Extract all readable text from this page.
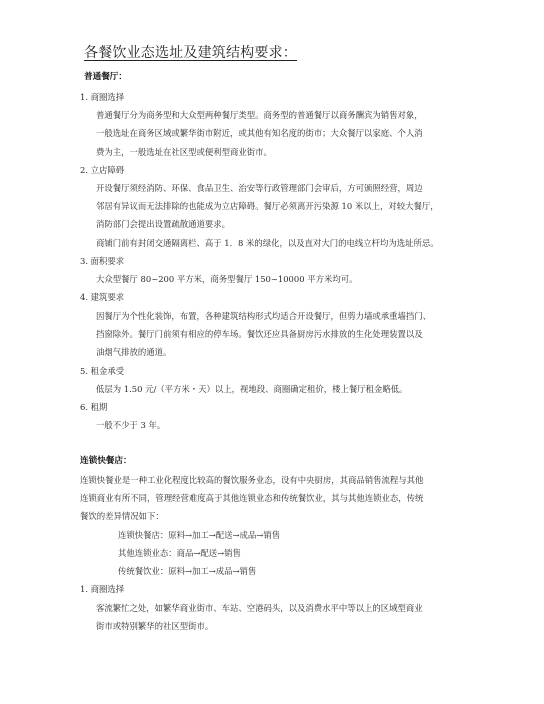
各餐饮业态选址及建筑结构要求：
普通餐厅：
1. 商圈选择
普通餐厅分为商务型和大众型两种餐厅类型。商务型的普通餐厅以商务酬宾为销售对象，
一般选址在商务区域或繁华街市附近，或其他有知名度的街市；大众餐厅以家庭、个人消
费为主，一般选址在社区型或便利型商业街市。
2. 立店障碍
开设餐厅须经消防、环保、食品卫生、治安等行政管理部门会审后，方可颁照经营，周边
邻居有异议而无法排除的也能成为立店障碍。餐厅必须离开污染源 10 米以上，对较大餐厅，
消防部门会提出设置疏散通道要求。
商铺门前有封闭交通隔离栏、高于 1．8 米的绿化，以及直对大门的电线立杆均为选址所忌。
3. 面积要求
大众型餐厅 80~200 平方米，商务型餐厅 150~10000 平方米均可。
4. 建筑要求
因餐厅为个性化装饰，布置，各种建筑结构形式均适合开设餐厅，但剪力墙或承重墙挡门、
挡窗除外。餐厅门前须有相应的停车场。餐饮还应具备厨房污水排放的生化处理装置以及
油烟气排放的通道。
5. 租金承受
低层为 1.50 元/（平方米・天）以上，视地段、商圈确定租价，楼上餐厅租金略低。
6. 租期
一般不少于 3 年。
连锁快餐店：
连锁快餐业是一种工业化程度比较高的餐饮服务业态，设有中央厨房，其商品销售流程与其他
连锁商业有所不同，管理经营难度高于其他连锁业态和传统餐饮业，其与其他连锁业态，传统
餐饮的差异情况如下：
连锁快餐店：原料→加工→配送→成品→销售
其他连锁业态：商品→配送→销售
传统餐饮业：原料→加工→成品→销售
1. 商圈选择
客流繁忙之处，如繁华商业街市、车站、空港码头，以及消费水平中等以上的区域型商业
街市或特别繁华的社区型街市。
